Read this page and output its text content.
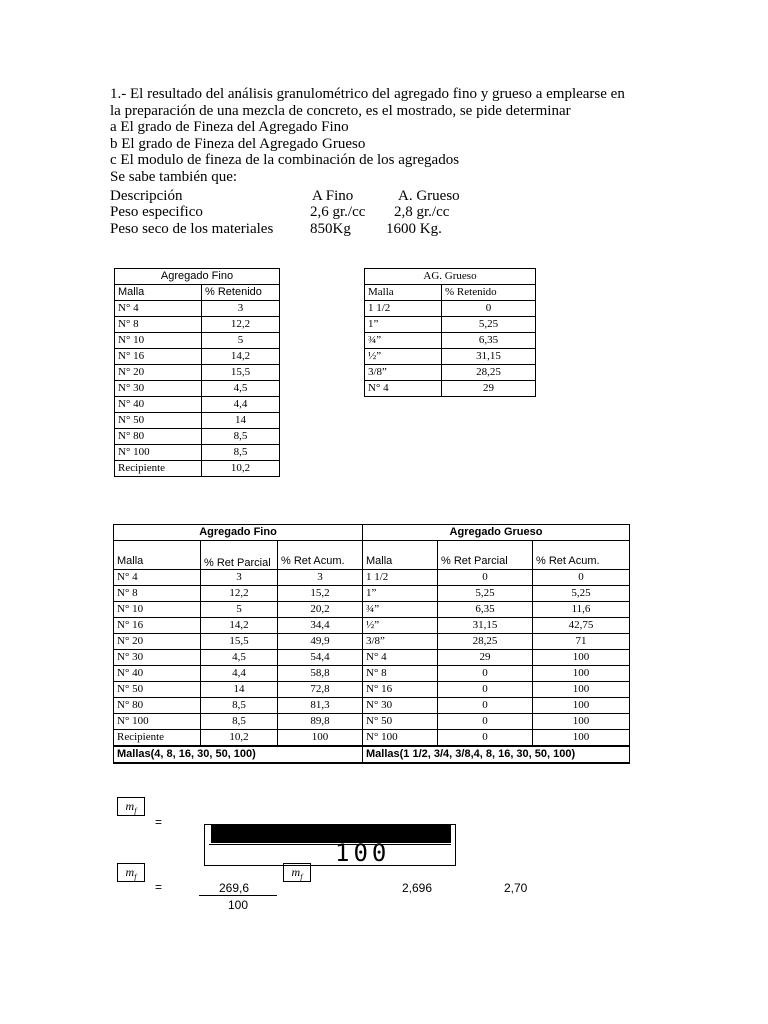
1.- El resultado del análisis granulométrico del agregado fino y grueso a emplearse en
la preparación de una mezcla de concreto, es el mostrado, se pide determinar
a El grado de Fineza del Agregado Fino
b El grado de Fineza del Agregado Grueso
c El modulo de fineza de la combinación de los agregados
Se sabe también que:
Descripción	A Fino	A. Grueso
Peso especifico	2,6 gr./cc 2,8 gr./cc
Peso seco de los materiales 850Kg 1600 Kg.
Agregado Fino	
Malla	% Retenido
N° 4	3
N° 8	12,2
N° 10	5
N° 16	14,2
N° 20	15,5
N° 30	4,5
N° 40	4,4
N° 50	14
N° 80	8,5
N° 100	8,5
Recipiente	10,2
AG. Grueso	
Malla	% Retenido
1 1/2	0
1”	5,25
¾”	6,35
½”	31,15
3/8”	28,25
N° 4	29
Agregado Fino			Agregado Grueso		
Malla	% Ret Parcial	% Ret Acum.	Malla	% Ret Parcial	% Ret Acum.
N° 4	3	3	1 1/2	0	0
N° 8	12,2	15,2	1”	5,25	5,25
N° 10	5	20,2	¾”	6,35	11,6
N° 16	14,2	34,4	½”	31,15	42,75
N° 20	15,5	49,9	3/8”	28,25	71
N° 30	4,5	54,4	N° 4	29	100
N° 40	4,4	58,8	N° 8	0	100
N° 50	14	72,8	N° 16	0	100
N° 80	8,5	81,3	N° 30	0	100
N° 100	8,5	89,8	N° 50	0	100
Recipiente	10,2	100	N° 100	0	100
Mallas(4, 8, 16, 30, 50, 100)			Mallas(1 1/2, 3/4, 3/8,4, 8, 16, 30, 50, 100)		
$m_f$
=
100
$m_f$	$m_f$
=	269,6
100
2,696	2,70
